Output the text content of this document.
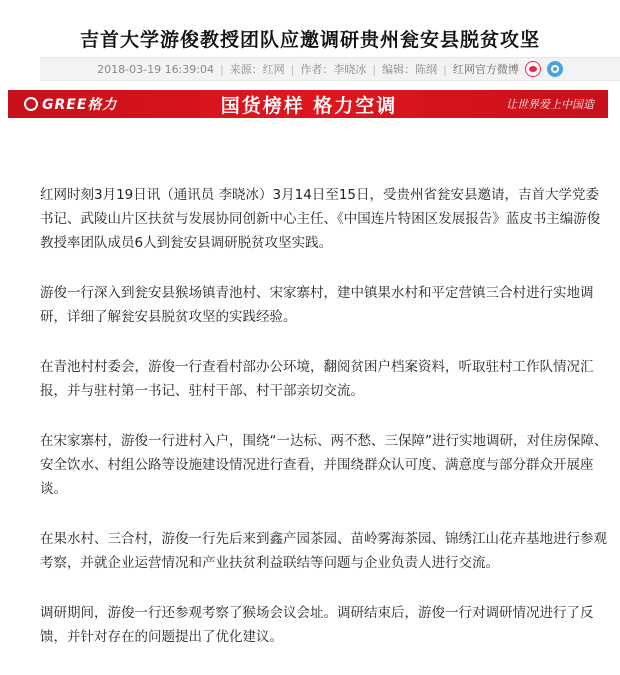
吉首大学游俊教授团队应邀调研贵州瓮安县脱贫攻坚
2018-03-19 16:39:04 | 来源：红网 | 作者：李晓冰 | 编辑：陈纲 | 红网官方微博
GREE格力	国货榜样 格力空调	让世界爱上中国造

红网时刻3月19日讯（通讯员 李晓冰）3月14日至15日，受贵州省瓮安县邀请，吉首大学党委书记、武陵山片区扶贫与发展协同创新中心主任、《中国连片特困区发展报告》蓝皮书主编游俊教授率团队成员6人到瓮安县调研脱贫攻坚实践。

游俊一行深入到瓮安县猴场镇青池村、宋家寨村，建中镇果水村和平定营镇三合村进行实地调研，详细了解瓮安县脱贫攻坚的实践经验。

在青池村村委会，游俊一行查看村部办公环境，翻阅贫困户档案资料，听取驻村工作队情况汇报，并与驻村第一书记、驻村干部、村干部亲切交流。

在宋家寨村，游俊一行进村入户，围绕“一达标、两不愁、三保障”进行实地调研，对住房保障、安全饮水、村组公路等设施建设情况进行查看，并围绕群众认可度、满意度与部分群众开展座谈。

在果水村、三合村，游俊一行先后来到鑫产园茶园、苗岭雾海茶园、锦绣江山花卉基地进行参观考察，并就企业运营情况和产业扶贫利益联结等问题与企业负责人进行交流。

调研期间，游俊一行还参观考察了猴场会议会址。调研结束后，游俊一行对调研情况进行了反馈，并针对存在的问题提出了优化建议。
